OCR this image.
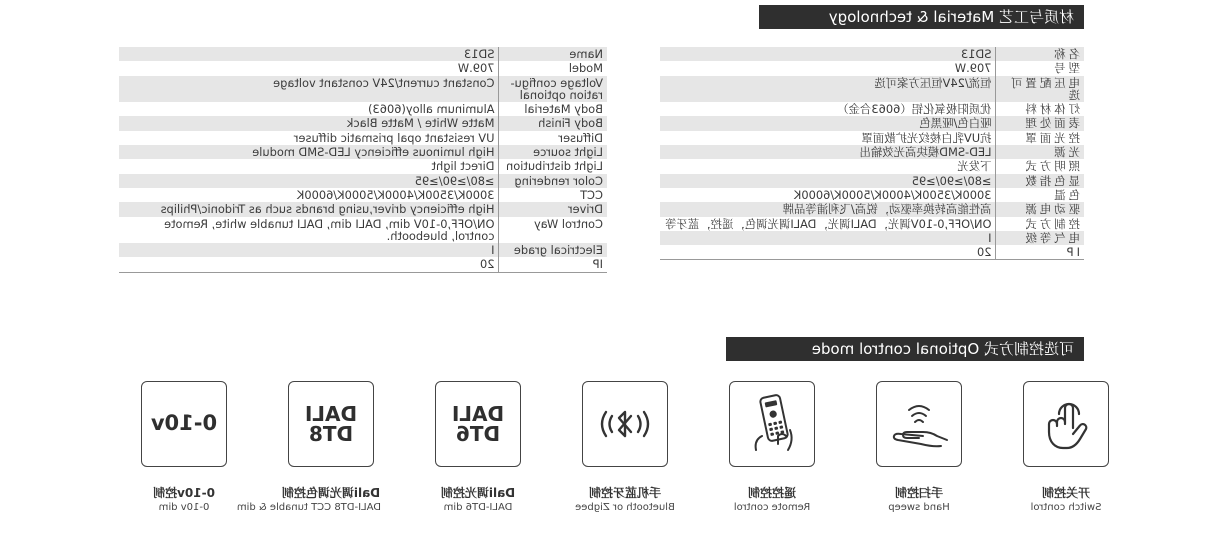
材质与工艺 Material & technology
名称	SD13
型号	709.W
电压配置可选	恒流/24V恒压方案可选
灯体材料	优质阳极氧化铝（6063合金）
表面处理	哑白色/哑黑色
控光面罩	抗UV乳白棱纹光扩散面罩
光源	LED-SMD模块高光效输出
照明方式	下发光
显色指数	≥80/≥90/≥95
色温	3000K/3500K/4000K/5000K/6000K
驱动电源	高性能高转换率驱动，锐高/飞利浦等品牌
控制方式	ON/OFF,0-10V调光，DALI调光，DALI调光调色，遥控，蓝牙等
电气等级	I
IP	20
Name	SD13
Model	709.W
Voltage configu-ration optional	Constant current/24V constant voltage
Body Material	Aluminum alloy(6063)
Body Finish	Matte White / Matte Black
Diffuser	UV resistant opal prismatic diffuser
Light source	High luminous efficiency LED-SMD module
Light distribution	Direct light
Color rendering	≥80/≥90/≥95
CCT	3000K/3500K/4000K/5000K/6000K
Driver	High efficiency driver,using brands such as Tridonic/Philips
Control Way	ON/OFF,0-10V dim, DALI dim, DALI tunable white, Remote control, bluebooth.
Electrical grade	I
IP	20
可选控制方式 Optional control mode
开关控制
Switch control
手扫控制
Hand sweep
遥控控制
Remote control
手机蓝牙控制
Bluetooth or Zigbee
DALI
DT6
Dali调光控制
DALI-DT6 dim
DALI
DT8
Dali调光调色控制
DALI-DT8 CCT tunable & dim
0-10v
0-10v控制
0-10v dim
